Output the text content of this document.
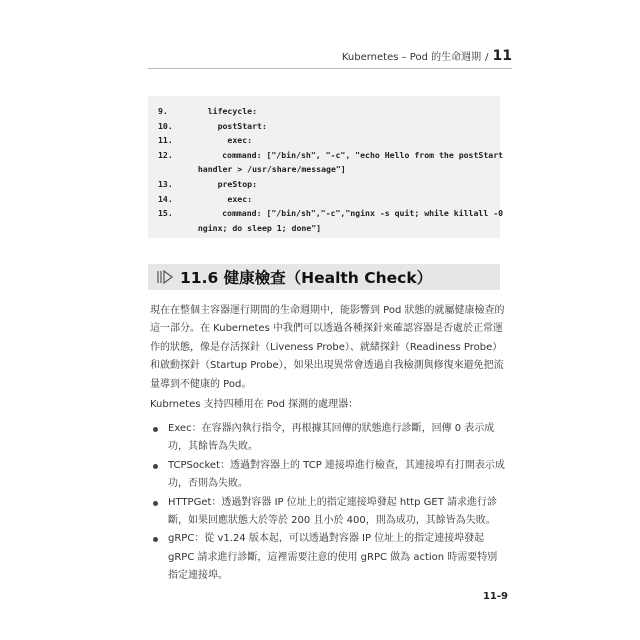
Kubernetes – Pod 的生命週期 / 11
9.	lifecycle:
10.	postStart:
11.	exec:
12. command: ["/bin/sh", "-c", "echo Hello from the postStart
handler > /usr/share/message"]
13.	preStop:
14.	exec:
15. command: ["/bin/sh","-c","nginx -s quit; while killall -0
nginx; do sleep 1; done"]
11.6 健康檢查（Health Check）
現在在整個主容器運行期間的生命週期中，能影響到 Pod 狀態的就屬健康檢查的這一部分。在 Kubernetes 中我們可以透過各種探針來確認容器是否處於正常運作的狀態，像是存活探針（Liveness Probe）、就緒探針（Readiness Probe）和啟動探針（Startup Probe），如果出現異常會透過自我檢測與修復來避免把流量導到不健康的 Pod。
Kubrnetes 支持四種用在 Pod 探測的處理器：
Exec：在容器內執行指令，再根據其回傳的狀態進行診斷，回傳 0 表示成功，其餘皆為失敗。
TCPSocket：透過對容器上的 TCP 連接埠進行檢查，其連接埠有打開表示成功，否則為失敗。
HTTPGet：透過對容器 IP 位址上的指定連接埠發起 http GET 請求進行診斷，如果回應狀態大於等於 200 且小於 400，則為成功，其餘皆為失敗。
gRPC：從 v1.24 版本起，可以透過對容器 IP 位址上的指定連接埠發起 gRPC 請求進行診斷，這裡需要注意的使用 gRPC 做為 action 時需要特別指定連接埠。
11-9
